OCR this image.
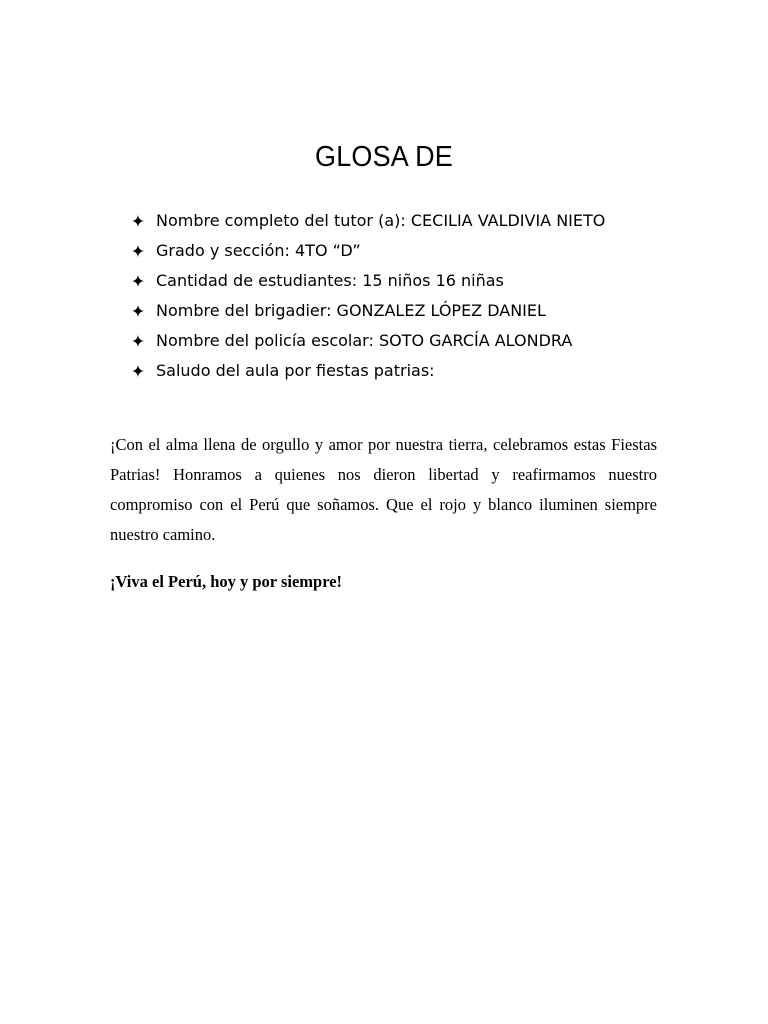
GLOSA DE
Nombre completo del tutor (a): CECILIA VALDIVIA NIETO
Grado y sección: 4TO “D”
Cantidad de estudiantes: 15 niños 16 niñas
Nombre del brigadier: GONZALEZ LÓPEZ DANIEL
Nombre del policía escolar: SOTO GARCÍA ALONDRA
Saludo del aula por fiestas patrias:

¡Con el alma llena de orgullo y amor por nuestra tierra, celebramos estas Fiestas Patrias! Honramos a quienes nos dieron libertad y reafirmamos nuestro compromiso con el Perú que soñamos. Que el rojo y blanco iluminen siempre nuestro camino.

¡Viva el Perú, hoy y por siempre!
